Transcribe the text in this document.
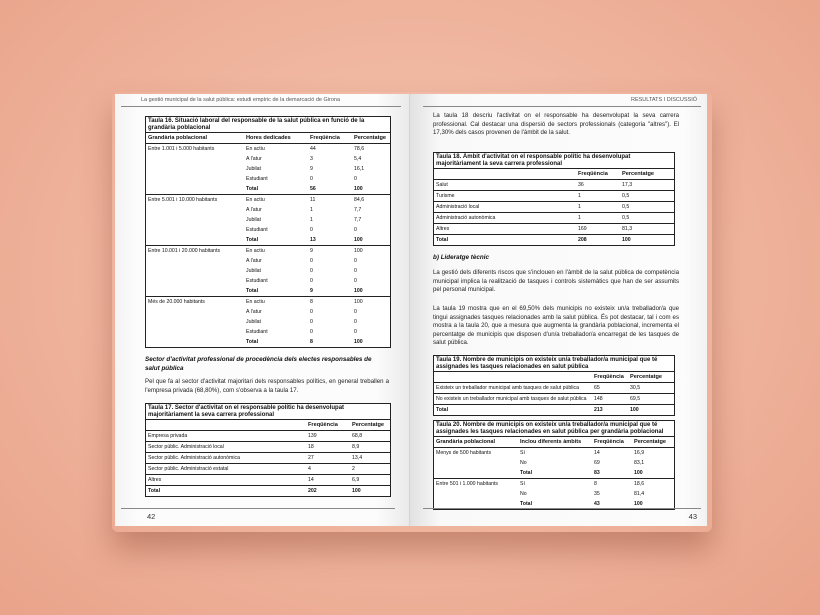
La gestió municipal de la salut pública: estudi empíric de la demarcació de Girona
Taula 16. Situació laboral del responsable de la salut pública en funció de la grandària poblacional
Grandària poblacional	Hores dedicades	Freqüència	Percentatge
Entre 1.001 i 5.000 habitants	En actiu	44	78,6
	A l'atur	3	5,4
	Jubilat	9	16,1
	Estudiant	0	0
	Total	56	100
Entre 5.001 i 10.000 habitants	En actiu	11	84,6
	A l'atur	1	7,7
	Jubilat	1	7,7
	Estudiant	0	0
	Total	13	100
Entre 10.001 i 20.000 habitants	En actiu	9	100
	A l'atur	0	0
	Jubilat	0	0
	Estudiant	0	0
	Total	9	100
Més de 20.000 habitants	En actiu	8	100
	A l'atur	0	0
	Jubilat	0	0
	Estudiant	0	0
	Total	8	100
Sector d'activitat professional de procedència dels electes responsables de salut pública
Pel que fa al sector d'activitat majoritari dels responsables polítics, en general treballen a l'empresa privada (68,80%), com s'observa a la taula 17.
Taula 17. Sector d'activitat on el responsable polític ha desenvolupat majoritàriament la seva carrera professional
	Freqüència	Percentatge
Empresa privada	139	68,8
Sector públic. Administració local	18	8,9
Sector públic. Administració autonòmica	27	13,4
Sector públic. Administració estatal	4	2
Altres	14	6,9
Total	202	100
42
RESULTATS I DISCUSSIÓ
La taula 18 descriu l'activitat on el responsable ha desenvolupat la seva carrera professional. Cal destacar una dispersió de sectors professionals (categoria "altres"). El 17,30% dels casos provenen de l'àmbit de la salut.
Taula 18. Àmbit d'activitat on el responsable polític ha desenvolupat majoritàriament la seva carrera professional
	Freqüència	Percentatge
Salut	36	17,3
Turisme	1	0,5
Administració local	1	0,5
Administració autonòmica	1	0,5
Altres	169	81,3
Total	208	100
b) Lideratge tècnic
La gestió dels diferents riscos que s'inclouen en l'àmbit de la salut pública de competència municipal implica la realització de tasques i controls sistemàtics que han de ser assumits pel personal municipal.
La taula 19 mostra que en el 69,50% dels municipis no existeix un/a treballador/a que tingui assignades tasques relacionades amb la salut pública. És pot destacar, tal i com es mostra a la taula 20, que a mesura que augmenta la grandària poblacional, incrementa el percentatge de municipis que disposen d'un/a treballador/a encarregat de les tasques de salut pública.
Taula 19. Nombre de municipis on existeix un/a treballador/a municipal que té assignades les tasques relacionades en salut pública
	Freqüència	Percentatge
Existeix un treballador municipal amb tasques de salut pública	65	30,5
No existeix un treballador municipal amb tasques de salut pública	148	69,5
Total	213	100
Taula 20. Nombre de municipis on existeix un/a treballador/a municipal que té assignades les tasques relacionades en salut pública per grandària poblacional
Grandària poblacional	Inclou diferents àmbits	Freqüència	Percentatge
Menys de 500 habitants	Sí	14	16,9
	No	69	83,1
	Total	83	100
Entre 501 i 1.000 habitants	Sí	8	18,6
	No	35	81,4
	Total	43	100
43
